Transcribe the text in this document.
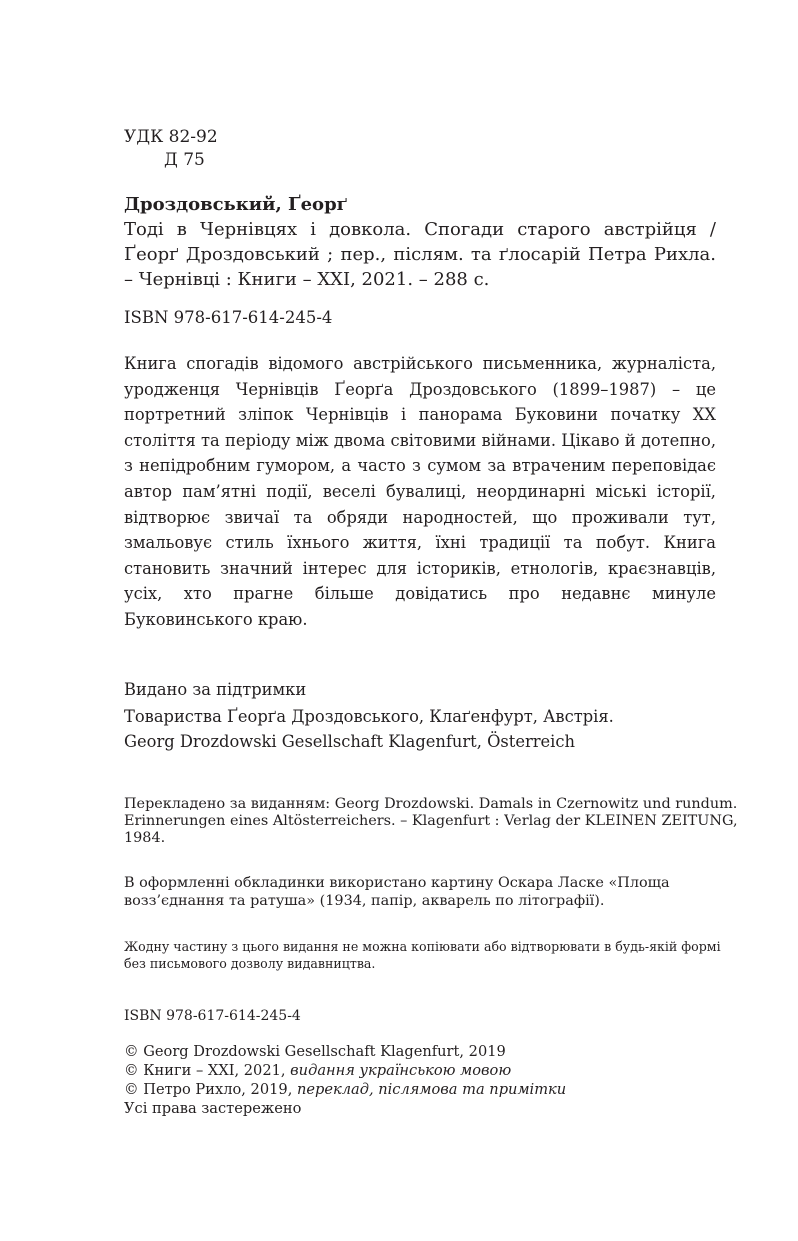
УДК 82-92
Д 75
Дроздовський, Ґеорґ
Тоді в Чернівцях і довкола. Спогади старого австрійця / Ґеорґ Дроздовський ; пер., післям. та ґлосарій Петра Рихла. – Чернівці : Книги – ХХІ, 2021. – 288 с.
ISBN 978-617-614-245-4
Книга спогадів відомого австрійського письменника, журналіста, уродженця Чернівців Ґеорґа Дроздовського (1899–1987) – це портретний зліпок Чернівців і панорама Буковини початку ХХ століття та періоду між двома світовими війнами. Цікаво й дотепно, з непідробним гумором, а часто з сумом за втраченим переповідає автор пам’ятні події, веселі бувалиці, неординарні міські історії, відтворює звичаї та обряди народностей, що проживали тут, змальовує стиль їхнього життя, їхні традиції та побут. Книга становить значний інтерес для істориків, етнологів, краєзнавців, усіх, хто прагне більше довідатись про недавнє минуле Буковинського краю.
Видано за підтримки
Товариства Ґеорґа Дроздовського, Клаґенфурт, Австрія.
Georg Drozdowski Gesellschaft Klagenfurt, Österreich
Перекладено за виданням: Georg Drozdowski. Damals in Czernowitz und rundum.
Erinnerungen eines Altösterreichers. – Klagenfurt : Verlag der KLEINEN ZEITUNG,
1984.
В оформленні обкладинки використано картину Оскара Ласке «Площа
возз’єднання та ратуша» (1934, папір, акварель по літографії).
Жодну частину з цього видання не можна копіювати або відтворювати в будь-якій формі
без письмового дозволу видавництва.
ISBN 978-617-614-245-4
© Georg Drozdowski Gesellschaft Klagenfurt, 2019
© Книги – ХХІ, 2021, видання українською мовою
© Петро Рихло, 2019, переклад, післямова та примітки
Усі права застережено
